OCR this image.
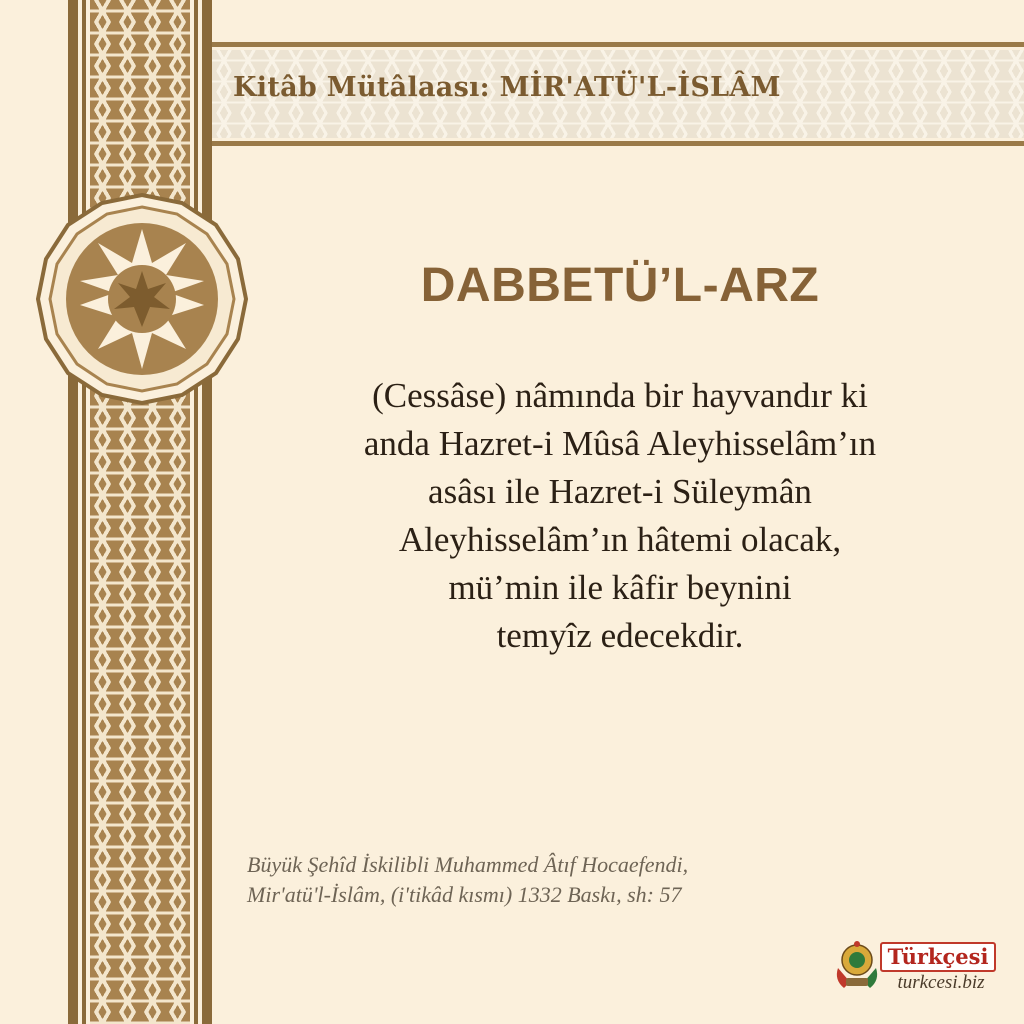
Kitâb Mütâlaası: MİR'ATÜ'L-İSLÂM
DABBETÜ’L-ARZ
(Cessâse) nâmında bir hayvandır ki
anda Hazret-i Mûsâ Aleyhisselâm’ın
asâsı ile Hazret-i Süleymân
Aleyhisselâm’ın hâtemi olacak,
mü’min ile kâfir beynini
temyîz edecekdir.
Büyük Şehîd İskilibli Muhammed Âtıf Hocaefendi,
Mir'atü'l-İslâm, (i'tikâd kısmı) 1332 Baskı, sh: 57
Türkçesi
turkcesi.biz
